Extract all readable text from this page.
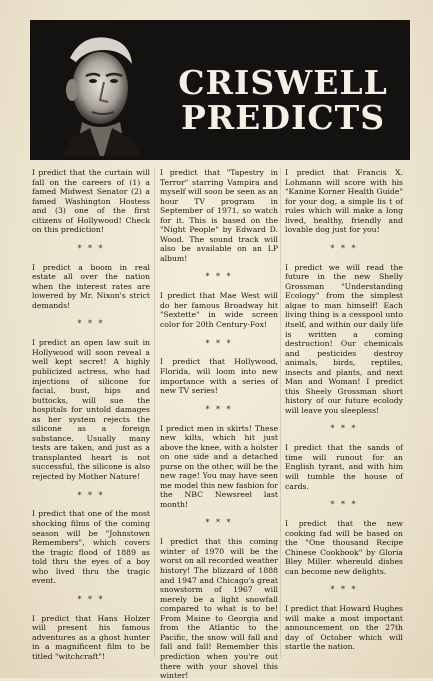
CRISWELL
PREDICTS

I predict that the curtain will fall on the careers of (1) a famed Midwest Senator (2) a famed Washington Hostess and (3) one of the first citizens of Hollywood! Check on this prediction!

* * *

I predict a boom in real estate all over the nation when the interest rates are lowered by Mr. Nixon's strict demands!

* * *

I predict an open law suit in Hollywood will soon reveal a well kept secret! A highly publicized actress, who had injections of silicone for facial, bust, hips and buttocks, will sue the hospitals for untold damages as her system rejects the silicone as a foreign substance. Usually many tests are taken, and just as a transplanted heart is not successful, the silicone is also rejected by Mother Nature!

* * *

I predict that one of the most shocking films of the coming season will be "Johnstown Remembers", which covers the tragic flood of 1889 as told thru the eyes of a boy who lived thru the tragic event.

* * *

I predict that Hans Holzer will present his famous adventures as a ghost hunter in a magnificent film to be titled "witchcraft"!

I predict that "Tapestry in Terror" starring Vampira and myself will soon be seen as an hour TV program in September of 1971, so watch for it. This is based on the "Night People" by Edward D. Wood. The sound track will also be available on an LP album!

* * *

I predict that Mae West will do her famous Broadway hit "Sextette" in wide screen color for 20th Century-Fox!

* * *

I predict that Hollywood, Florida, will loom into new importance with a series of new TV series!

* * *

I predict men in skirts! These new kilts, which hit just above the knee, with a holster on one side and a detached purse on the other, will be the new rage! You may have seen me model this new fashion for the NBC Newsreel last month!

* * *

I predict that this coming winter of 1970 will be the worst on all recorded weather history! The blizzard of 1888 and 1947 and Chicago's great snowstorm of 1967 will merely be a light snowfall compared to what is to be! From Maine to Georgia and from the Atlantic to the Pacific, the snow will fall and fall and fall! Remember this prediction when you're out there with your shovel this winter!

I predict that Francis X. Lohmann will score with his "Kanine Korner Health Guide" for your dog, a simple lis t of rules which will make a long lived, healthy, friendly and lovable dog just for you!

* * *

I predict we will read the future in the new Shelly Grossman "Understanding Ecology" from the simplest algae to man himself! Each living thing is a cesspool unto itself, and within our daily life is written a coming destruction! Our chemicals and pesticides destroy animals, birds, reptiles, insects and plants, and next Man and Woman! I predict this Sheely Grossman short history of our future ecolody will leave you sleepless!

* * *

I predict that the sands of time will runout for an English tyrant, and with him will tumble the house of cards.

* * *

I predict that the new cooking fad will be based on the "One thousand Recipe Chinese Cookbook" by Gloria Bley Miller whereuld dishes can become new delights.

* * *

I predict that Howard Hughes will make a most important announcement on the 27th day of October which will startle the nation.
